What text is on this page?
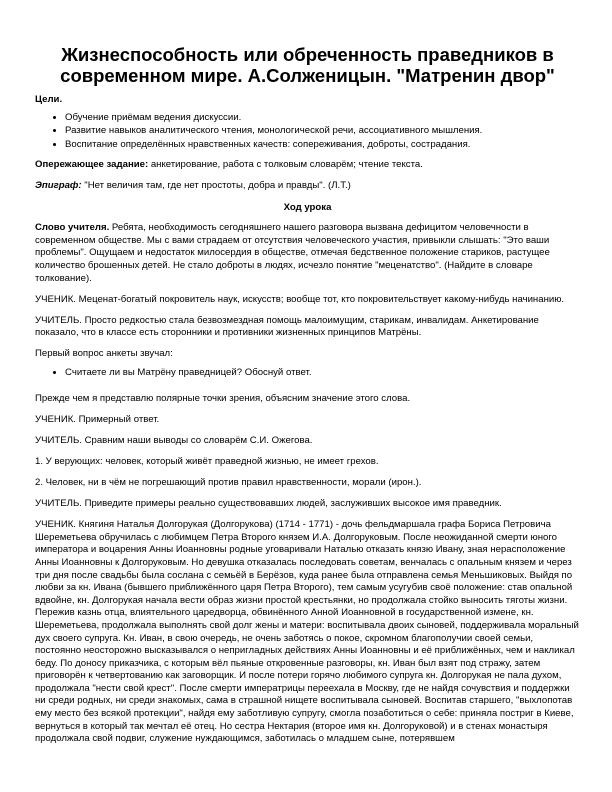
Жизнеспособность или обреченность праведников в современном мире. А.Солженицын. "Матренин двор"
Цели.
• Обучение приёмам ведения дискуссии.
• Развитие навыков аналитического чтения, монологической речи, ассоциативного мышления.
• Воспитание определённых нравственных качеств: сопереживания, доброты, сострадания.

Опережающее задание: анкетирование, работа с толковым словарём; чтение текста.

Эпиграф: "Нет величия там, где нет простоты, добра и правды". (Л.Т.)

Ход урока

Слово учителя. Ребята, необходимость сегодняшнего нашего разговора вызвана дефицитом человечности в современном обществе. Мы с вами страдаем от отсутствия человеческого участия, привыкли слышать: "Это ваши проблемы". Ощущаем и недостаток милосердия в обществе, отмечая бедственное положение стариков, растущее количество брошенных детей. Не стало доброты в людях, исчезло понятие "меценатство". (Найдите в словаре толкование).

УЧЕНИК. Меценат-богатый покровитель наук, искусств; вообще тот, кто покровительствует какому-нибудь начинанию.

УЧИТЕЛЬ. Просто редкостью стала безвозмездная помощь малоимущим, старикам, инвалидам. Анкетирование показало, что в классе есть сторонники и противники жизненных принципов Матрёны.

Первый вопрос анкеты звучал:

• Считаете ли вы Матрёну праведницей? Обоснуй ответ.

Прежде чем я представлю полярные точки зрения, объясним значение этого слова.

УЧЕНИК. Примерный ответ.

УЧИТЕЛЬ. Сравним наши выводы со словарём С.И. Ожегова.

1. У верующих: человек, который живёт праведной жизнью, не имеет грехов.

2. Человек, ни в чём не погрешающий против правил нравственности, морали (ирон.).

УЧИТЕЛЬ. Приведите примеры реально существовавших людей, заслуживших высокое имя праведник.

УЧЕНИК. Княгиня Наталья Долгорукая (Долгорукова) (1714 - 1771) - дочь фельдмаршала графа Бориса Петровича Шереметьева обручилась с любимцем Петра Второго князем И.А. Долгоруковым. После неожиданной смерти юного императора и воцарения Анны Иоанновны родные уговаривали Наталью отказать князю Ивану, зная нерасположение Анны Иоанновны к Долгоруковым. Но девушка отказалась последовать советам, венчалась с опальным князем и через три дня после свадьбы была сослана с семьёй в Берёзов, куда ранее была отправлена семья Меньшиковых. Выйдя по любви за кн. Ивана (бывшего приближённого царя Петра Второго), тем самым усугубив своё положение: став опальной вдвойне, кн. Долгорукая начала вести образ жизни простой крестьянки, но продолжала стойко выносить тяготы жизни. Пережив казнь отца, влиятельного царедворца, обвинённого Анной Иоанновной в государственной измене, кн. Шереметьева, продолжала выполнять свой долг жены и матери: воспитывала двоих сыновей, поддерживала моральный дух своего супруга. Кн. Иван, в свою очередь, не очень заботясь о покое, скромном благополучии своей семьи, постоянно неосторожно высказывался о непригладных действиях Анны Иоанновны и её приближённых, чем и накликал беду. По доносу приказчика, с которым вёл пьяные откровенные разговоры, кн. Иван был взят под стражу, затем приговорён к четвертованию как заговорщик. И после потери горячо любимого супруга кн. Долгорукая не пала духом, продолжала "нести свой крест". После смерти императрицы переехала в Москву, где не найдя сочувствия и поддержки ни среди родных, ни среди знакомых, сама в страшной нищете воспитывала сыновей. Воспитав старшего, "выхлопотав ему место без всякой протекции", найдя ему заботливую супругу, смогла позаботиться о себе: приняла постриг в Киеве, вернуться в который так мечтал её отец. Но сестра Нектария (второе имя кн. Долгоруковой) и в стенах монастыря продолжала свой подвиг, служение нуждающимся, заботилась о младшем сыне, потерявшем
